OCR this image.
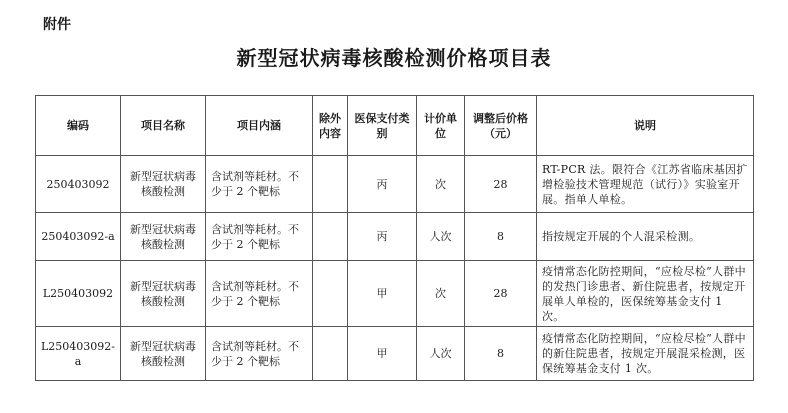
附件
新型冠状病毒核酸检测价格项目表
编码	项目名称	项目内涵	除外内容	医保支付类别	计价单位	调整后价格（元）	说明
250403092	新型冠状病毒核酸检测	含试剂等耗材。不少于 2 个靶标		丙	次	28	RT-PCR 法。限符合《江苏省临床基因扩增检验技术管理规范（试行）》实验室开展。指单人单检。
250403092-a	新型冠状病毒核酸检测	含试剂等耗材。不少于 2 个靶标		丙	人次	8	指按规定开展的个人混采检测。
L250403092	新型冠状病毒核酸检测	含试剂等耗材。不少于 2 个靶标		甲	次	28	疫情常态化防控期间，“应检尽检”人群中的发热门诊患者、新住院患者，按规定开展单人单检的，医保统筹基金支付 1 次。
L250403092-a	新型冠状病毒核酸检测	含试剂等耗材。不少于 2 个靶标		甲	人次	8	疫情常态化防控期间，“应检尽检”人群中的新住院患者，按规定开展混采检测，医保统筹基金支付 1 次。
